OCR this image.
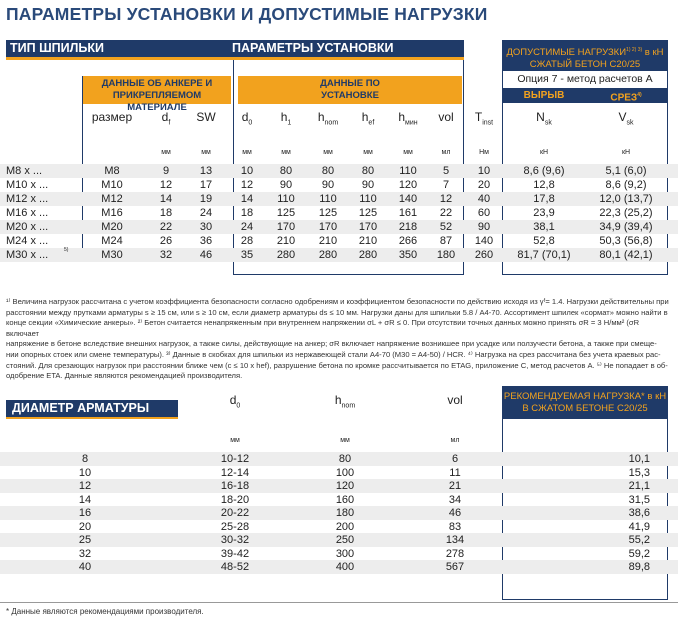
ПАРАМЕТРЫ УСТАНОВКИ И ДОПУСТИМЫЕ НАГРУЗКИ
ТИП ШПИЛЬКИ	ПАРАМЕТРЫ УСТАНОВКИ	ДОПУСТИМЫЕ $НАГРУЗКИ^{1) 2) 3)}$ в кН
СЖАТЫЙ БЕТОН C20/25
Опция 7 - метод расчетов А
ВЫРЫВ	СРЕЗ$^{4)}$
ДАННЫЕ ОБ АНКЕРЕ И ПРИКРЕПЛЯЕМОМ МАТЕРИАЛЕ
ДАННЫЕ ПО УСТАНОВКЕ
размер	$d_f$	SW	$d_0$	$h_1$	$h_{nom}$	$h_{ef}$	$h_{мин}$	vol	$T_{inst}$	$N_{sk}$	$V_{sk}$
мм	мм	мм	мм	мм	мм	мм	мл	Нм	кН	кН
M8 x ...	M8	9	13	10	80	80	80	110	5	10	8,6 (9,6)	5,1 (6,0)
M10 x ...	M10	12	17	12	90	90	90	120	7	20	12,8	8,6 (9,2)
M12 x ...	M12	14	19	14	110	110	110	140	12	40	17,8	12,0 (13,7)
M16 x ...	M16	18	24	18	125	125	125	161	22	60	23,9	22,3 (25,2)
M20 x ...	M20	22	30	24	170	170	170	218	52	90	38,1	34,9 (39,4)
M24 x ...	M24	26	36	28	210	210	210	266	87	140	52,8	50,3 (56,8)
M30 x ...	5)	M30	32	46	35	280	280	280	350	180	260	81,7 (70,1)	80,1 (42,1)
¹⁾ Величина нагрузок рассчитана с учетом коэффициента безопасности согласно одобрениям и коэффициентом безопасности по действию исходя из γᶠ= 1.4. Нагрузки действительны при
расстоянии между прутками арматуры s ≥ 15 см, или s ≥ 10 см, если диаметр арматуры ds ≤ 10 мм. Нагрузки даны для шпильки 5.8 / A4-70. Ассортимент шпилек «сормат» можно найти в
конце секции «Химические анкеры». ²⁾ Бетон считается ненапряженным при внутреннем напряжении σL + σR ≤ 0. При отсутствии точных данных можно принять σR = 3 Н/мм² (σR включает
напряжение в бетоне вследствие внешних нагрузок, а также силы, действующие на анкер; σR включает напряжение возникшее при усадке или ползучести бетона, а также при смеще-
нии опорных стоек или смене температуры). ³⁾ Данные в скобках для шпильки из нержавеющей стали A4-70 (M30 = A4-50) / HCR. ⁴⁾ Нагрузка на срез рассчитана без учета краевых рас-
стояний. Для срезающих нагрузок при расстоянии ближе чем (c ≤ 10 x hef), разрушение бетона по кромке рассчитывается по ETAG, приложение С, метод расчетов A. ⁵⁾ Не попадает в об-
одобрение ETA. Данные являются рекомендацией производителя.
ДИАМЕТР АРМАТУРЫ
$d_0$	$h_{nom}$	vol	РЕКОМЕНДУЕМАЯ НАГРУЗКА* в кН
В СЖАТОМ БЕТОНЕ C20/25
мм	мм	мл
8	10-12	80	6	10,1
10	12-14	100	11	15,3
12	16-18	120	21	21,1
14	18-20	160	34	31,5
16	20-22	180	46	38,6
20	25-28	200	83	41,9
25	30-32	250	134	55,2
32	39-42	300	278	59,2
40	48-52	400	567	89,8
* Данные являются рекомендациями производителя.
